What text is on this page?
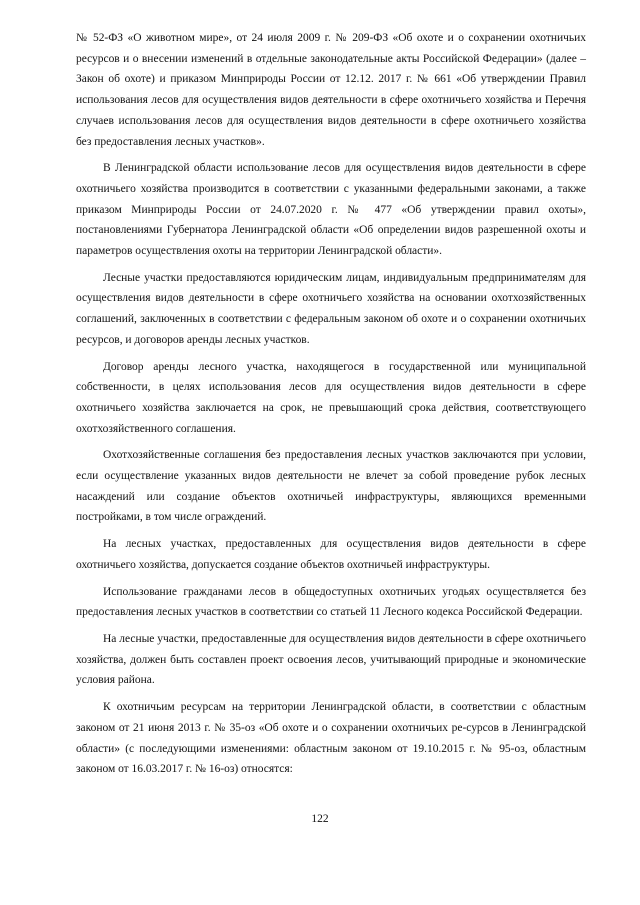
№ 52-ФЗ «О животном мире», от 24 июля 2009 г. № 209-ФЗ «Об охоте и о сохранении охотничьих ресурсов и о внесении изменений в отдельные законодательные акты Российской Федерации» (далее – Закон об охоте) и приказом Минприроды России от 12.12. 2017 г. № 661 «Об утверждении Правил использования лесов для осуществления видов деятельности в сфере охотничьего хозяйства и Перечня случаев использования лесов для осуществления видов деятельности в сфере охотничьего хозяйства без предоставления лесных участков».

В Ленинградской области использование лесов для осуществления видов деятельности в сфере охотничьего хозяйства производится в соответствии с указанными федеральными законами, а также приказом Минприроды России от 24.07.2020 г. № 477 «Об утверждении правил охоты», постановлениями Губернатора Ленинградской области «Об определении видов разрешенной охоты и параметров осуществления охоты на территории Ленинградской области».

Лесные участки предоставляются юридическим лицам, индивидуальным предпринимателям для осуществления видов деятельности в сфере охотничьего хозяйства на основании охотхозяйственных соглашений, заключенных в соответствии с федеральным законом об охоте и о сохранении охотничьих ресурсов, и договоров аренды лесных участков.

Договор аренды лесного участка, находящегося в государственной или муниципальной собственности, в целях использования лесов для осуществления видов деятельности в сфере охотничьего хозяйства заключается на срок, не превышающий срока действия, соответствующего охотхозяйственного соглашения.

Охотхозяйственные соглашения без предоставления лесных участков заключаются при условии, если осуществление указанных видов деятельности не влечет за собой проведение рубок лесных насаждений или создание объектов охотничьей инфраструктуры, являющихся временными постройками, в том числе ограждений.

На лесных участках, предоставленных для осуществления видов деятельности в сфере охотничьего хозяйства, допускается создание объектов охотничьей инфраструктуры.

Использование гражданами лесов в общедоступных охотничьих угодьях осуществляется без предоставления лесных участков в соответствии со статьей 11 Лесного кодекса Российской Федерации.

На лесные участки, предоставленные для осуществления видов деятельности в сфере охотничьего хозяйства, должен быть составлен проект освоения лесов, учитывающий природные и экономические условия района.

К охотничьим ресурсам на территории Ленинградской области, в соответствии с областным законом от 21 июня 2013 г. № 35-оз «Об охоте и о сохранении охотничьих ре-сурсов в Ленинградской области» (с последующими изменениями: областным законом от 19.10.2015 г. № 95-оз, областным законом от 16.03.2017 г. № 16-оз) относятся:

122
